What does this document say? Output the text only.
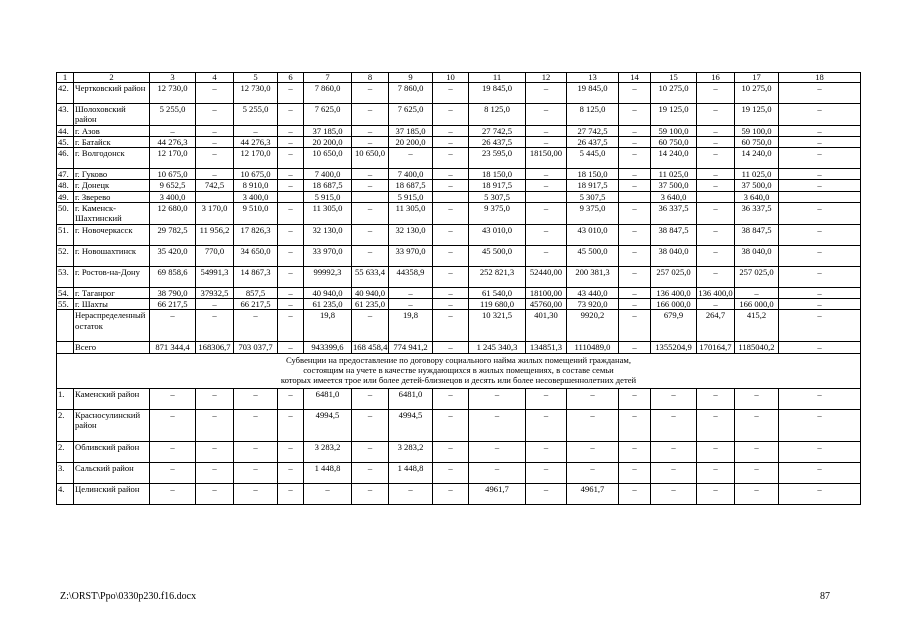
1	2	3	4	5	6	7	8	9	10	11	12	13	14	15	16	17	18
42.	Чертковский район	12 730,0	–	12 730,0	–	7 860,0	–	7 860,0	–	19 845,0	–	19 845,0	–	10 275,0	–	10 275,0	–
43.	Шолоховский район	5 255,0	–	5 255,0	–	7 625,0	–	7 625,0	–	8 125,0	–	8 125,0	–	19 125,0	–	19 125,0	–
44.	г. Азов	–	–	–	–	37 185,0	–	37 185,0	–	27 742,5	–	27 742,5	–	59 100,0	–	59 100,0	–
45.	г. Батайск	44 276,3	–	44 276,3	–	20 200,0	–	20 200,0	–	26 437,5	–	26 437,5	–	60 750,0	–	60 750,0	–
46.	г. Волгодонск	12 170,0	–	12 170,0	–	10 650,0	10 650,0	–	–	23 595,0	18150,00	5 445,0	–	14 240,0	–	14 240,0	–
47.	г. Гуково	10 675,0	–	10 675,0	–	7 400,0	–	7 400,0	–	18 150,0	–	18 150,0	–	11 025,0	–	11 025,0	–
48.	г. Донецк	9 652,5	742,5	8 910,0	–	18 687,5	–	18 687,5	–	18 917,5	–	18 917,5	–	37 500,0	–	37 500,0	–
49.	г. Зверево	3 400,0		3 400,0		5 915,0		5 915,0		5 307,5		5 307,5		3 640,0		3 640,0	
50.	г. Каменск-Шахтинский	12 680,0	3 170,0	9 510,0	–	11 305,0	–	11 305,0	–	9 375,0	–	9 375,0	–	36 337,5	–	36 337,5	–
51.	г. Новочеркасск	29 782,5	11 956,2	17 826,3	–	32 130,0	–	32 130,0	–	43 010,0	–	43 010,0	–	38 847,5	–	38 847,5	–
52.	г. Новошахтинск	35 420,0	770,0	34 650,0	–	33 970,0	–	33 970,0	–	45 500,0	–	45 500,0	–	38 040,0	–	38 040,0	–
53.	г. Ростов-на-Дону	69 858,6	54991,3	14 867,3	–	99992,3	55 633,4	44358,9	–	252 821,3	52440,00	200 381,3	–	257 025,0	–	257 025,0	–
54.	г. Таганрог	38 790,0	37932,5	857,5	–	40 940,0	40 940,0	–	–	61 540,0	18100,00	43 440,0	–	136 400,0	136 400,0	–	–
55.	г. Шахты	66 217,5	–	66 217,5	–	61 235,0	61 235,0	–	–	119 680,0	45760,00	73 920,0	–	166 000,0	–	166 000,0	–
	Нераспределенный остаток	–	–	–	–	19,8	–	19,8	–	10 321,5	401,30	9920,2	–	679,9	264,7	415,2	–
	Всего	871 344,4	168306,7	703 037,7	–	943399,6	168 458,4	774 941,2	–	1 245 340,3	134851,3	1110489,0	–	1355204,9	170164,7	1185040,2	–

Субвенции на предоставление по договору социального найма жилых помещений гражданам,
состоящим на учете в качестве нуждающихся в жилых помещениях, в составе семьи
которых имеется трое или более детей-близнецов и десять или более несовершеннолетних детей																	

1.	Каменский район	–	–	–	–	6481,0	–	6481,0	–	–	–	–	–	–	–	–	–
2.	Красносулинский район	–	–	–	–	4994,5	–	4994,5	–	–	–	–	–	–	–	–	–
2.	Обливский район	–	–	–	–	3 283,2	–	3 283,2	–	–	–	–	–	–	–	–	–
3.	Сальский район	–	–	–	–	1 448,8	–	1 448,8	–	–	–	–	–	–	–	–	–
4.	Целинский район	–	–	–	–	–	–	–	–	4961,7	–	4961,7	–	–	–	–	–
Z:\ORST\Ppo\0330p230.f16.docx	87
